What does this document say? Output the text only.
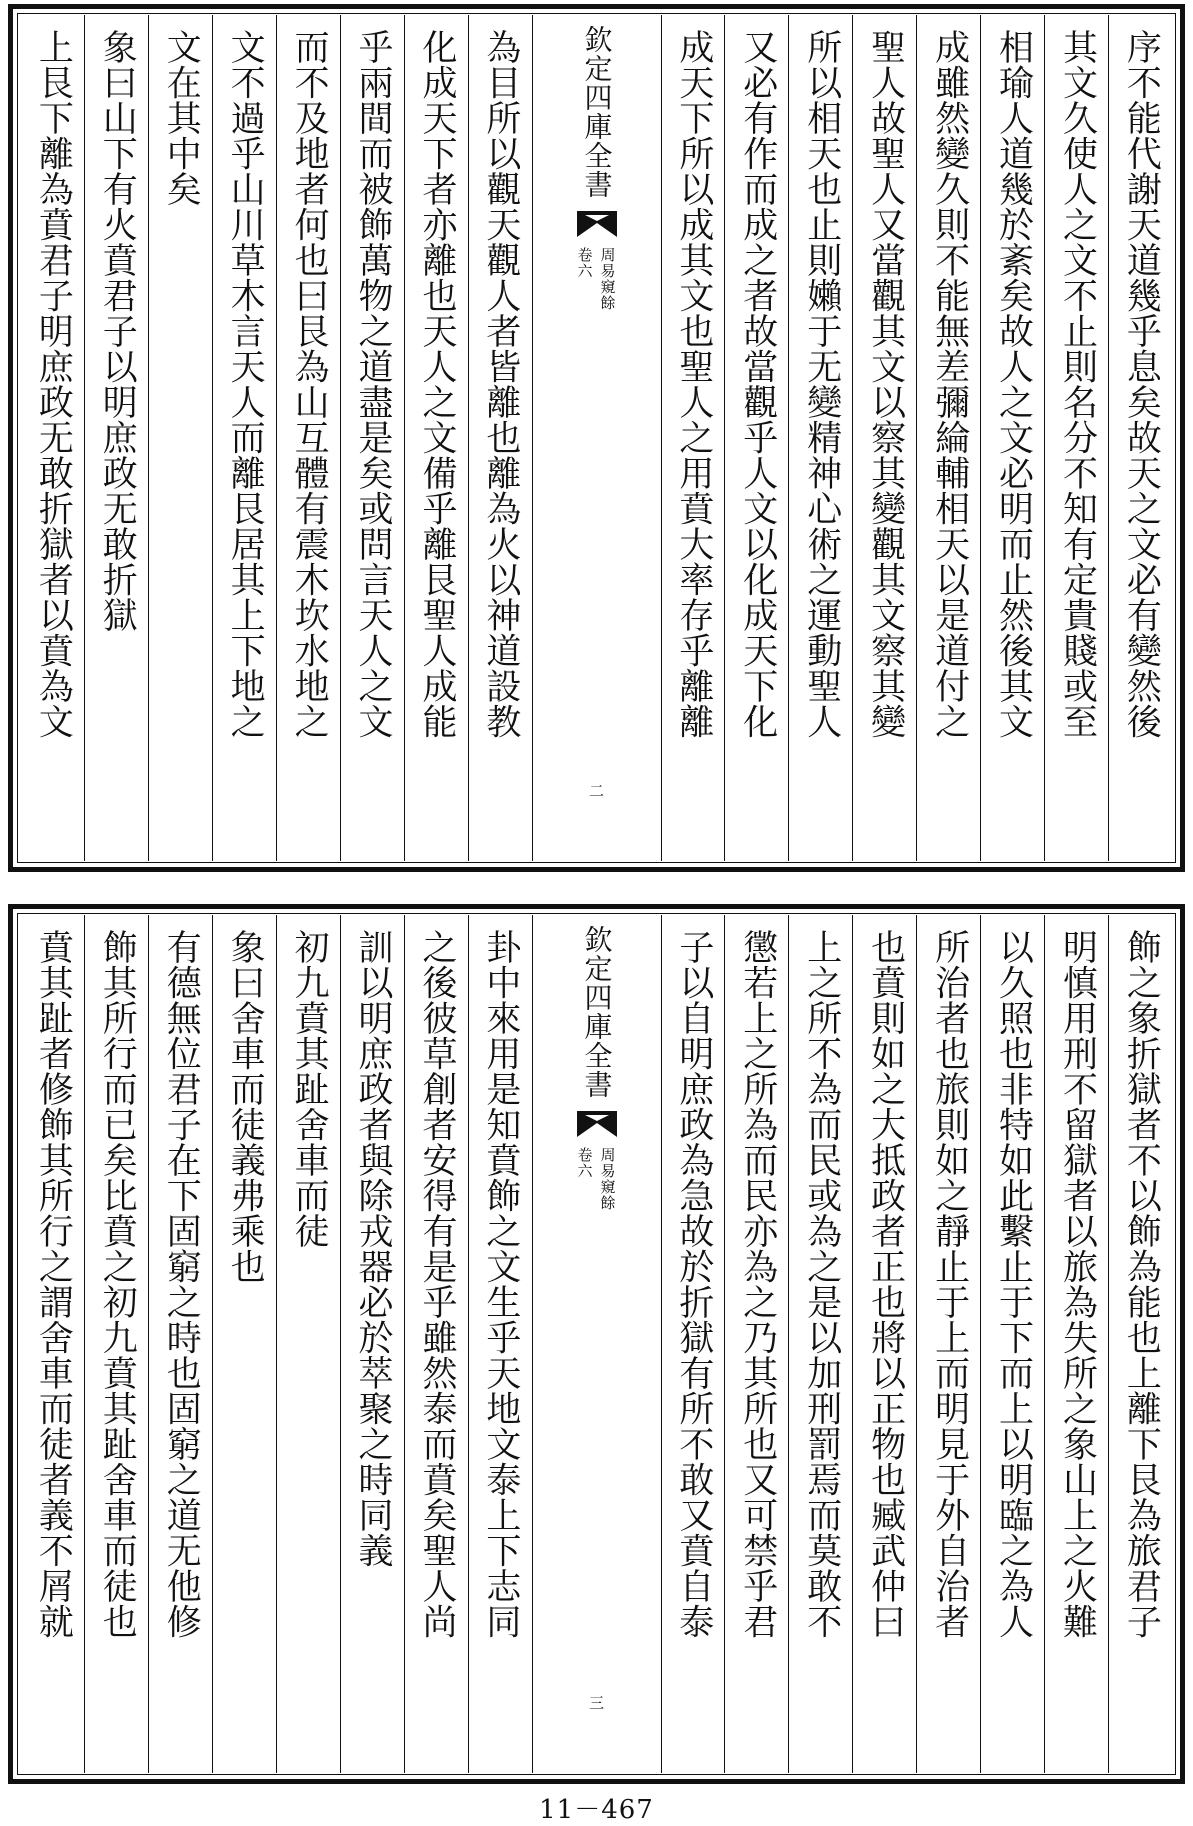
序不能代謝天道幾乎息矣故天之文必有變然後
其文久使人之文不止則名分不知有定貴賤或至
相瑜人道幾於紊矣故人之文必明而止然後其文
成雖然變久則不能無差彌綸輔相天以是道付之
聖人故聖人又當觀其文以察其變觀其文察其變
所以相天也止則嬾于无變精神心術之運動聖人
又必有作而成之者故當觀乎人文以化成天下化
成天下所以成其文也聖人之用賁大率存乎離離
欽定四庫全書
周易窺餘
卷六
二
為目所以觀天觀人者皆離也離為火以神道設教
化成天下者亦離也天人之文備乎離艮聖人成能
乎兩間而被飾萬物之道盡是矣或問言天人之文
而不及地者何也曰艮為山互體有震木坎水地之
文不過乎山川草木言天人而離艮居其上下地之
文在其中矣
象曰山下有火賁君子以明庶政无敢折獄
上艮下離為賁君子明庶政无敢折獄者以賁為文
飾之象折獄者不以飾為能也上離下艮為旅君子
明慎用刑不留獄者以旅為失所之象山上之火難
以久照也非特如此繫止于下而上以明臨之為人
所治者也旅則如之靜止于上而明見于外自治者
也賁則如之大抵政者正也將以正物也臧武仲曰
上之所不為而民或為之是以加刑罰焉而莫敢不
懲若上之所為而民亦為之乃其所也又可禁乎君
子以自明庶政為急故於折獄有所不敢又賁自泰
欽定四庫全書
周易窺餘
卷六
三
卦中來用是知賁飾之文生乎天地文泰上下志同
之後彼草創者安得有是乎雖然泰而賁矣聖人尚
訓以明庶政者與除戎器必於萃聚之時同義
初九賁其趾舍車而徒
象曰舍車而徒義弗乘也
有德無位君子在下固窮之時也固窮之道无他修
飾其所行而已矣比賁之初九賁其趾舍車而徒也
賁其趾者修飾其所行之謂舍車而徒者義不屑就
11－467
